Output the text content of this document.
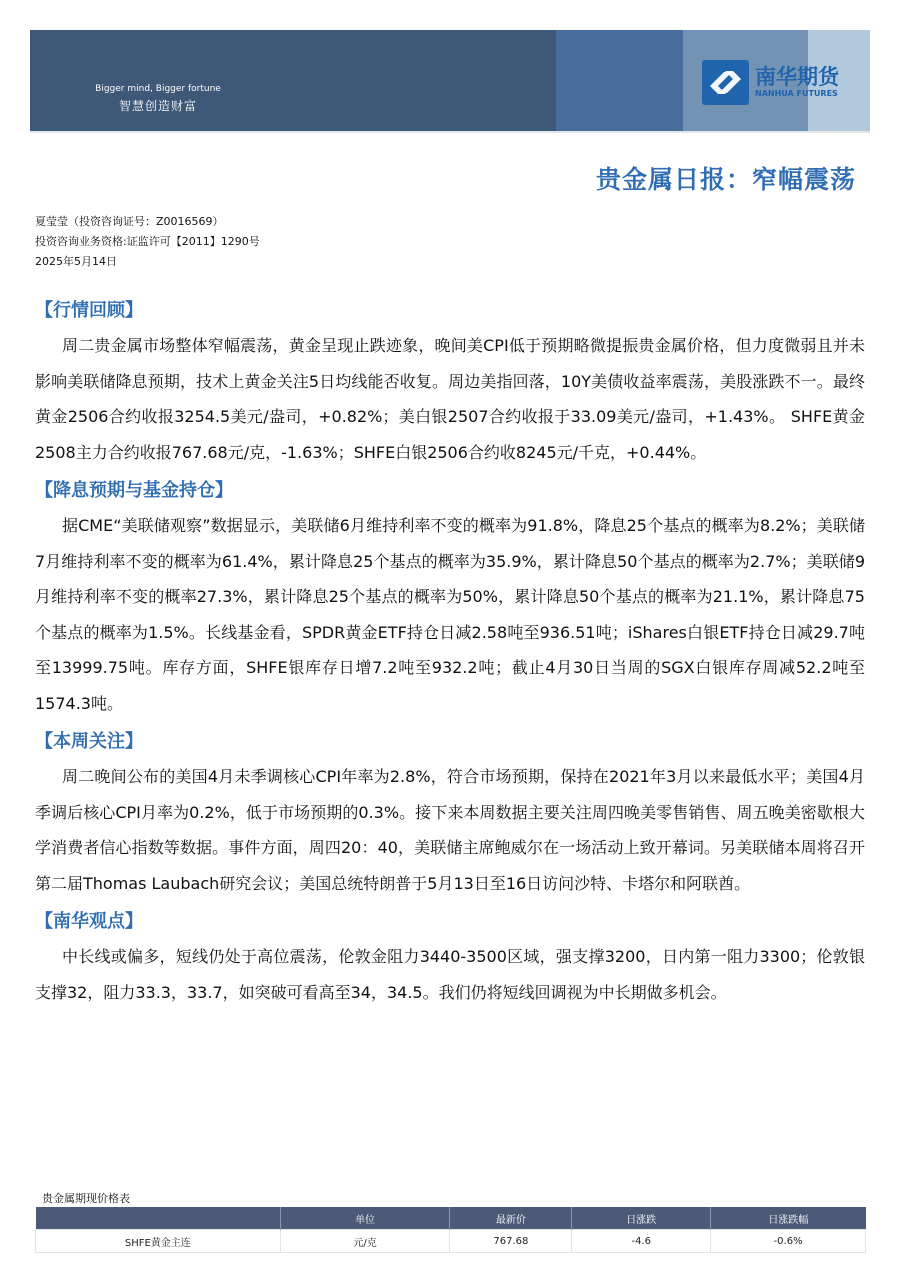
Bigger mind, Bigger fortune
智慧创造财富
南华期货
NANHUA FUTURES
贵金属日报：窄幅震荡
夏莹莹（投资咨询证号：Z0016569）
投资咨询业务资格:证监许可【2011】1290号
2025年5月14日
【行情回顾】

周二贵金属市场整体窄幅震荡，黄金呈现止跌迹象，晚间美CPI低于预期略微提振贵金属价格，但力度微弱且并未影响美联储降息预期，技术上黄金关注5日均线能否收复。周边美指回落，10Y美债收益率震荡，美股涨跌不一。最终黄金2506合约收报3254.5美元/盎司，+0.82%；美白银2507合约收报于33.09美元/盎司，+1.43%。 SHFE黄金2508主力合约收报767.68元/克，-1.63%；SHFE白银2506合约收8245元/千克，+0.44%。

【降息预期与基金持仓】

据CME“美联储观察”数据显示，美联储6月维持利率不变的概率为91.8%，降息25个基点的概率为8.2%；美联储7月维持利率不变的概率为61.4%，累计降息25个基点的概率为35.9%，累计降息50个基点的概率为2.7%；美联储9月维持利率不变的概率27.3%，累计降息25个基点的概率为50%，累计降息50个基点的概率为21.1%，累计降息75个基点的概率为1.5%。长线基金看，SPDR黄金ETF持仓日减2.58吨至936.51吨；iShares白银ETF持仓日减29.7吨至13999.75吨。库存方面，SHFE银库存日增7.2吨至932.2吨；截止4月30日当周的SGX白银库存周减52.2吨至1574.3吨。

【本周关注】

周二晚间公布的美国4月未季调核心CPI年率为2.8%，符合市场预期，保持在2021年3月以来最低水平；美国4月季调后核心CPI月率为0.2%，低于市场预期的0.3%。接下来本周数据主要关注周四晚美零售销售、周五晚美密歇根大学消费者信心指数等数据。事件方面，周四20：40，美联储主席鲍威尔在一场活动上致开幕词。另美联储本周将召开第二届Thomas Laubach研究会议；美国总统特朗普于5月13日至16日访问沙特、卡塔尔和阿联酋。

【南华观点】

中长线或偏多，短线仍处于高位震荡，伦敦金阻力3440-3500区域，强支撑3200，日内第一阻力3300；伦敦银支撑32，阻力33.3，33.7，如突破可看高至34，34.5。我们仍将短线回调视为中长期做多机会。

贵金属期现价格表
	单位	最新价	日涨跌	日涨跌幅
SHFE黄金主连	元/克	767.68	-4.6	-0.6%
